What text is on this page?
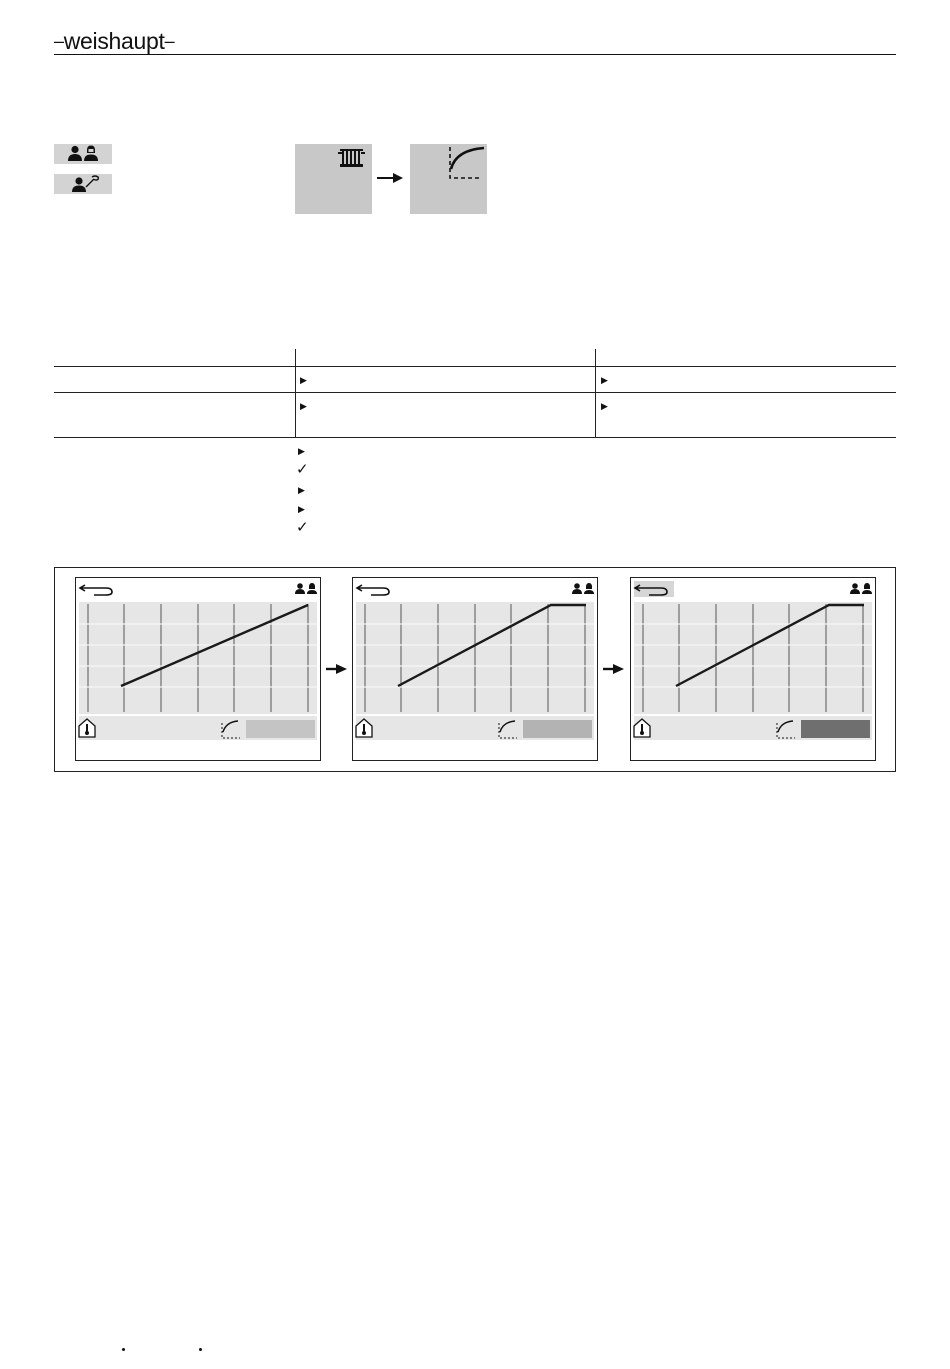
–weishaupt–
▶	▶
▶	▶
▶
✓
▶
▶
✓
